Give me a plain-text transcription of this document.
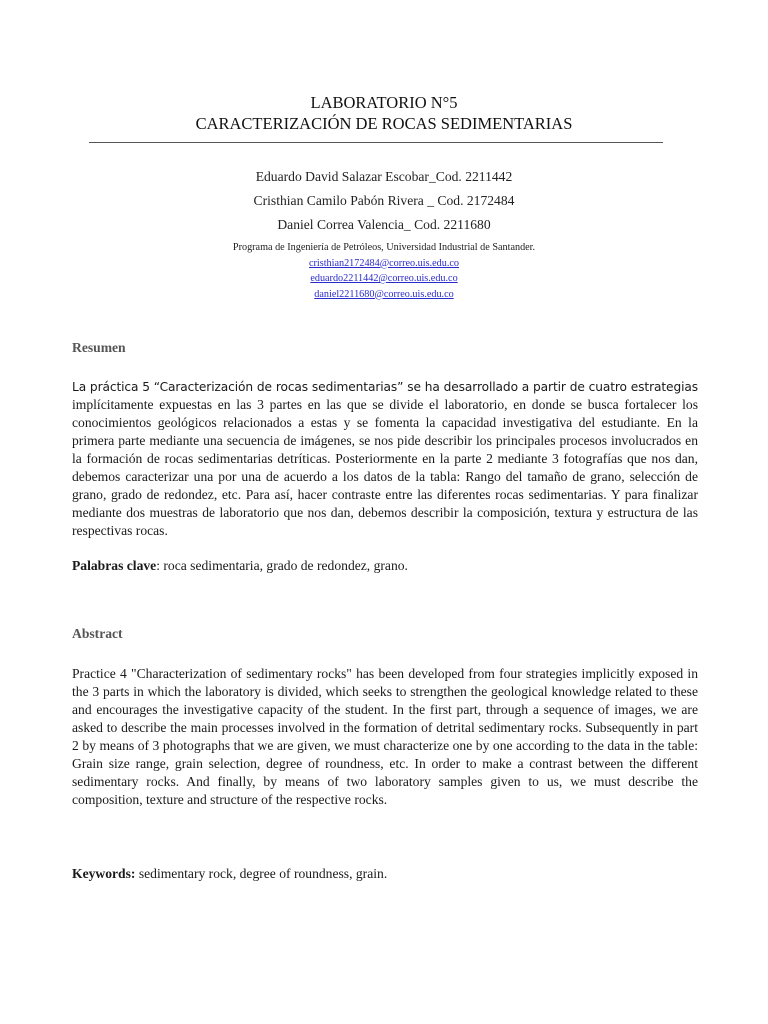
LABORATORIO N°5
CARACTERIZACIÓN DE ROCAS SEDIMENTARIAS
Eduardo David Salazar Escobar_Cod. 2211442
Cristhian Camilo Pabón Rivera _ Cod. 2172484
Daniel Correa Valencia_ Cod. 2211680
Programa de Ingeniería de Petróleos, Universidad Industrial de Santander.
cristhian2172484@correo.uis.edu.co
eduardo2211442@correo.uis.edu.co
daniel2211680@correo.uis.edu.co
Resumen
La práctica 5 “Caracterización de rocas sedimentarias” se ha desarrollado a partir de cuatro estrategias implícitamente expuestas en las 3 partes en las que se divide el laboratorio, en donde se busca fortalecer los conocimientos geológicos relacionados a estas y se fomenta la capacidad investigativa del estudiante. En la primera parte mediante una secuencia de imágenes, se nos pide describir los principales procesos involucrados en la formación de rocas sedimentarias detríticas. Posteriormente en la parte 2 mediante 3 fotografías que nos dan, debemos caracterizar una por una de acuerdo a los datos de la tabla: Rango del tamaño de grano, selección de grano, grado de redondez, etc. Para así, hacer contraste entre las diferentes rocas sedimentarias. Y para finalizar mediante dos muestras de laboratorio que nos dan, debemos describir la composición, textura y estructura de las respectivas rocas.
Palabras clave: roca sedimentaria, grado de redondez, grano.
Abstract
Practice 4 "Characterization of sedimentary rocks" has been developed from four strategies implicitly exposed in the 3 parts in which the laboratory is divided, which seeks to strengthen the geological knowledge related to these and encourages the investigative capacity of the student. In the first part, through a sequence of images, we are asked to describe the main processes involved in the formation of detrital sedimentary rocks. Subsequently in part 2 by means of 3 photographs that we are given, we must characterize one by one according to the data in the table: Grain size range, grain selection, degree of roundness, etc. In order to make a contrast between the different sedimentary rocks. And finally, by means of two laboratory samples given to us, we must describe the composition, texture and structure of the respective rocks.
Keywords: sedimentary rock, degree of roundness, grain.
